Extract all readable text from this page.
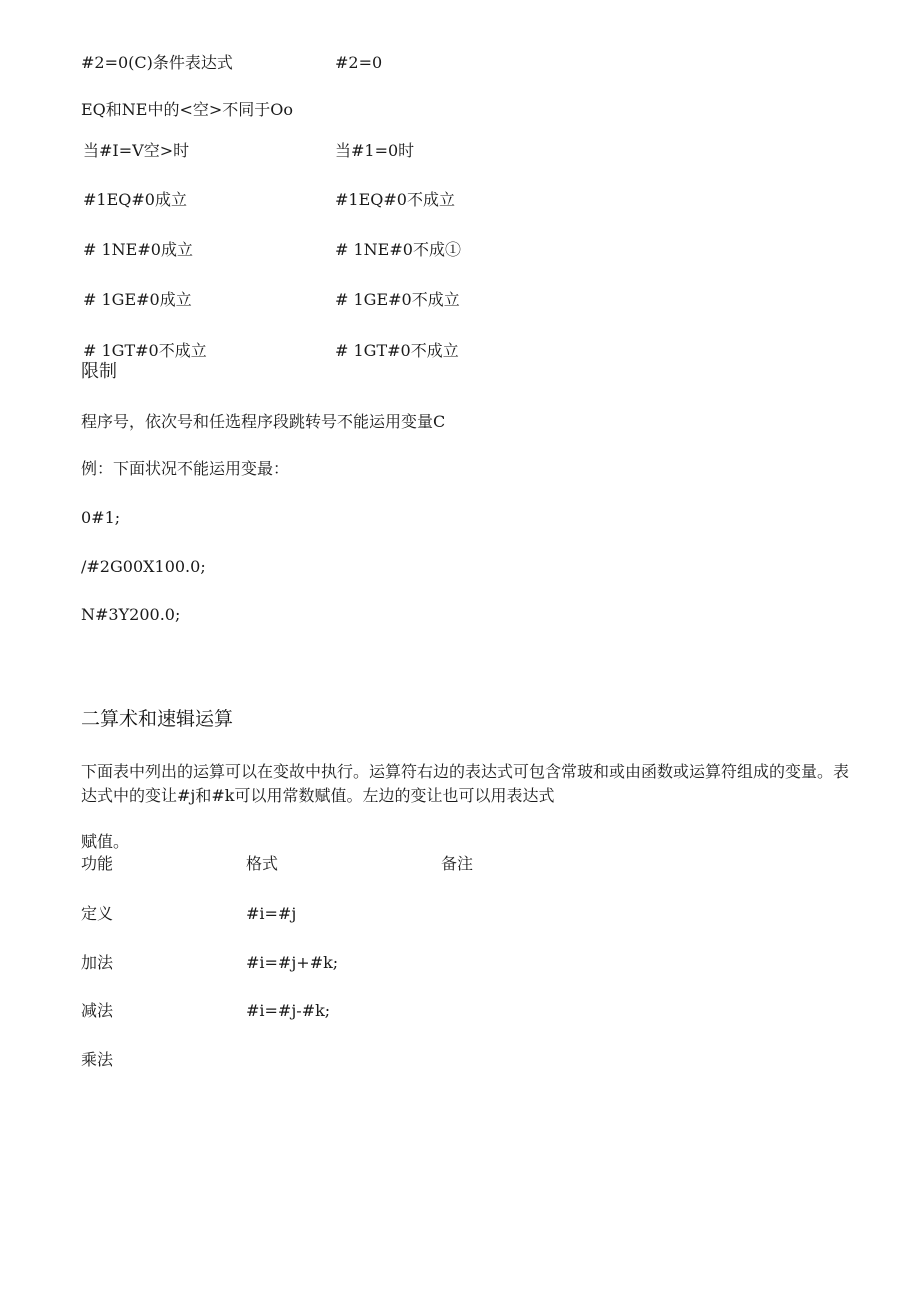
#2=0(C)条件表达式	#2=0
EQ和NE中的<空>不同于Oo
当#I=V空>时	当#1=0时
#1EQ#0成立	#1EQ#0不成立
# 1NE#0成立	# 1NE#0不成①
# 1GE#0成立	# 1GE#0不成立
# 1GT#0不成立	# 1GT#0不成立
限制
程序号，依次号和任选程序段跳转号不能运用变量C
例：下面状况不能运用变最：
0#1;
/#2G00X100.0;
N#3Y200.0;
二算术和速辑运算
下面表中列出的运算可以在变故中执行。运算符右边的表达式可包含常玻和或由函数或运算符组成的变量。表达式中的变让#j和#k可以用常数赋值。左边的变让也可以用表达式
赋值。
功能	格式	备注
定义	#i=#j
加法	#i=#j+#k;
减法	#i=#j-#k;
乘法
